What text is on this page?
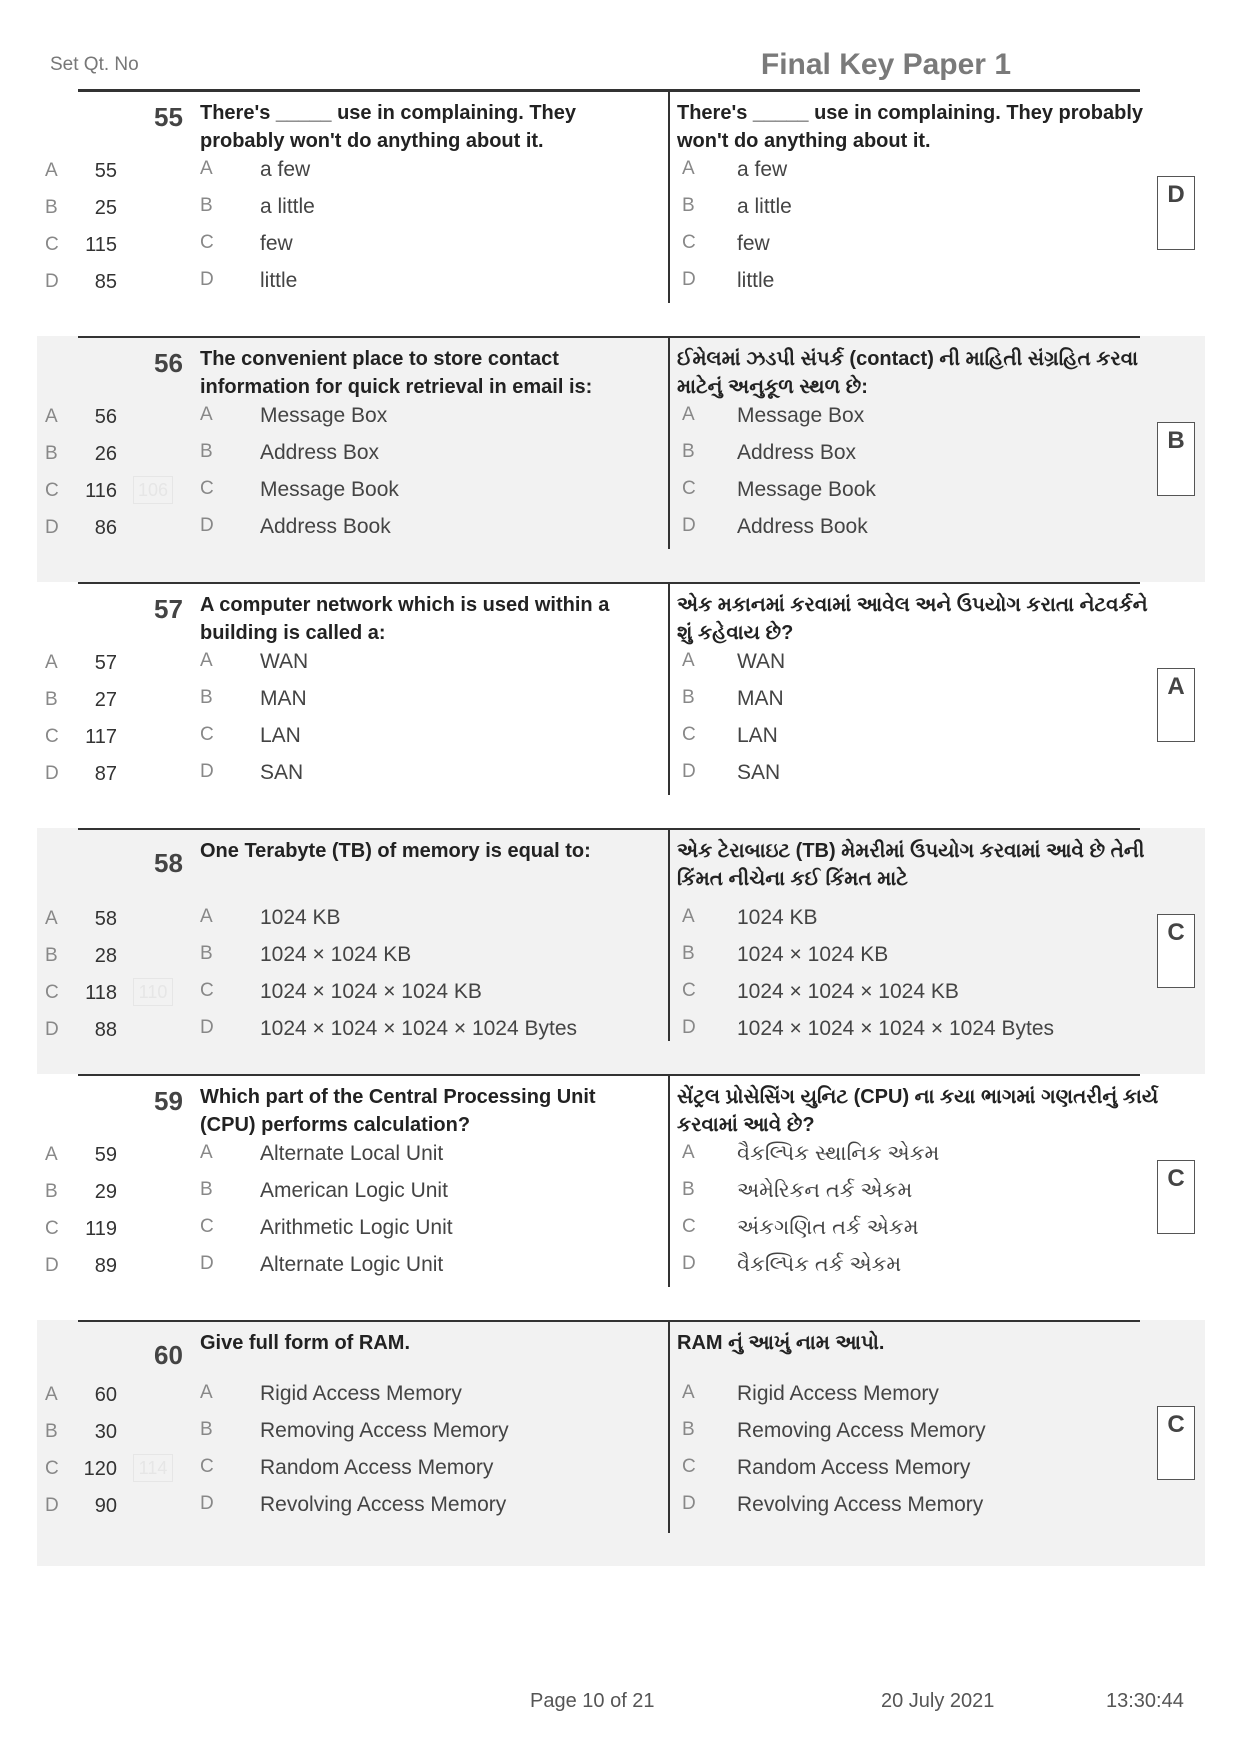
Set Qt. No	Final Key Paper 1
55 There's _____ use in complaining. They probably won't do anything about it.
There's _____ use in complaining. They probably won't do anything about it.
A	55
B	25
C	115
D	85
A a few
B a little
C few
D little
A a few
B a little
C few
D little
D
56 The convenient place to store contact information for quick retrieval in email is:
ઈમેલમાં ઝડપી સંપર્ક (contact) ની માહિતી સંગ્રહિત કરવા માટેનું અનુકૂળ સ્થળ છે:
A	56
B	26
C	116
D	86
106
A Message Box
B Address Box
C Message Book
D Address Book
A Message Box
B Address Box
C Message Book
D Address Book
B
57 A computer network which is used within a building is called a:
એક મકાનમાં કરવામાં આવેલ અને ઉપયોગ કરાતા નેટવર્કને શું કહેવાય છે?
A	57
B	27
C	117
D	87
A WAN
B MAN
C LAN
D SAN
A WAN
B MAN
C LAN
D SAN
A
58 One Terabyte (TB) of memory is equal to:	એક ટેરાબાઇટ (TB) મેમરીમાં ઉપયોગ કરવામાં આવે છે તેની કિંમત નીચેના કઈ કિંમત માટે
A	58
B	28
C	118
D	88
110
A 1024 KB
B 1024 × 1024 KB
C 1024 × 1024 × 1024 KB
D 1024 × 1024 × 1024 × 1024 Bytes
A 1024 KB
B 1024 × 1024 KB
C 1024 × 1024 × 1024 KB
D 1024 × 1024 × 1024 × 1024 Bytes
C
59 Which part of the Central Processing Unit (CPU) performs calculation?
સેંટ્રલ પ્રોસેસિંગ યુનિટ (CPU) ના કયા ભાગમાં ગણતરીનું કાર્ય કરવામાં આવે છે?
A	59
B	29
C	119
D	89
A Alternate Local Unit
B American Logic Unit
C Arithmetic Logic Unit
D Alternate Logic Unit
A વૈકલ્પિક સ્થાનિક એકમ
B અમેરિકન તર્ક એકમ
C અંકગણિત તર્ક એકમ
D વૈકલ્પિક તર્ક એકમ
C
60 Give full form of RAM.	RAM નું આખું નામ આપો.
A	60
B	30
C	120
D	90
114
A Rigid Access Memory
B Removing Access Memory
C Random Access Memory
D Revolving Access Memory
A Rigid Access Memory
B Removing Access Memory
C Random Access Memory
D Revolving Access Memory
C
Page 10 of 21	20 July 2021	13:30:44
